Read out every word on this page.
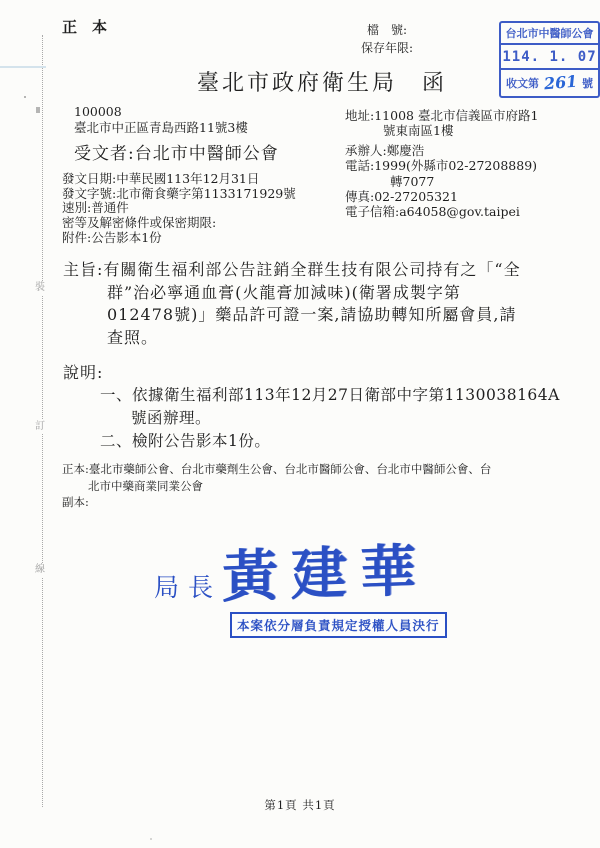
裝
訂
線
正　本	檔　號:
保存年限:
臺北市政府衛生局　函
台北市中醫師公會
114. 1. 07
收文第 261 號
100008
臺北市中正區青島西路11號3樓
受文者:台北市中醫師公會
發文日期:中華民國113年12月31日
發文字號:北市衛食藥字第1133171929號
速別:普通件
密等及解密條件或保密期限:
附件:公告影本1份
地址:11008 臺北市信義區市府路1
號東南區1樓
承辦人:鄭慶浩
電話:1999(外縣市02-27208889)
轉7077
傳真:02-27205321
電子信箱:a64058@gov.taipei
主旨:有關衛生福利部公告註銷全群生技有限公司持有之「“全
群”治必寧通血膏(火龍膏加減味)(衛署成製字第
012478號)」藥品許可證一案,請協助轉知所屬會員,請
查照。
說明:
一、依據衛生福利部113年12月27日衛部中字第1130038164A
號函辦理。
二、檢附公告影本1份。
正本:臺北市藥師公會、台北市藥劑生公會、台北市醫師公會、台北市中醫師公會、台
北市中藥商業同業公會
副本:
局長 黃建華
本案依分層負責規定授權人員決行
第1頁 共1頁
